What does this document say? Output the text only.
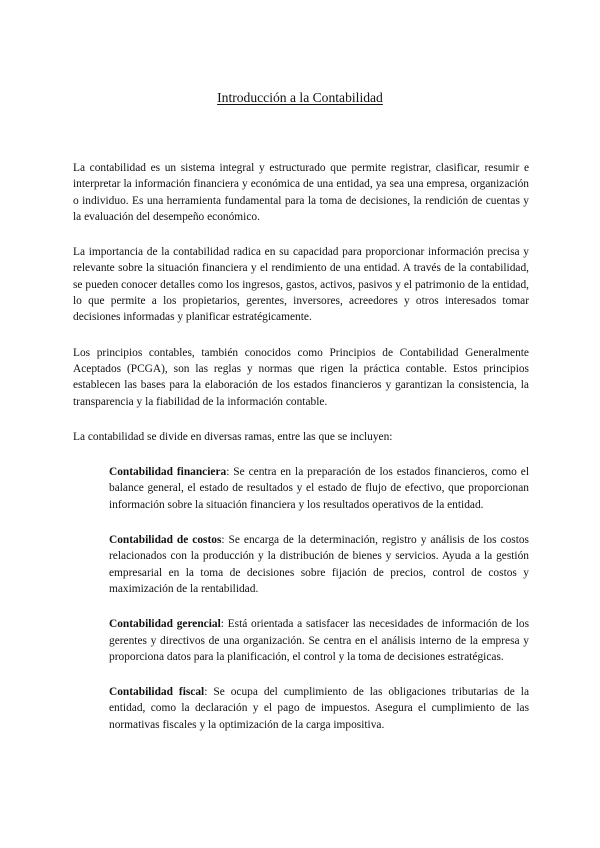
Introducción a la Contabilidad

La contabilidad es un sistema integral y estructurado que permite registrar, clasificar, resumir e interpretar la información financiera y económica de una entidad, ya sea una empresa, organización o individuo. Es una herramienta fundamental para la toma de decisiones, la rendición de cuentas y la evaluación del desempeño económico.

La importancia de la contabilidad radica en su capacidad para proporcionar información precisa y relevante sobre la situación financiera y el rendimiento de una entidad. A través de la contabilidad, se pueden conocer detalles como los ingresos, gastos, activos, pasivos y el patrimonio de la entidad, lo que permite a los propietarios, gerentes, inversores, acreedores y otros interesados tomar decisiones informadas y planificar estratégicamente.

Los principios contables, también conocidos como Principios de Contabilidad Generalmente Aceptados (PCGA), son las reglas y normas que rigen la práctica contable. Estos principios establecen las bases para la elaboración de los estados financieros y garantizan la consistencia, la transparencia y la fiabilidad de la información contable.

La contabilidad se divide en diversas ramas, entre las que se incluyen:

Contabilidad financiera: Se centra en la preparación de los estados financieros, como el balance general, el estado de resultados y el estado de flujo de efectivo, que proporcionan información sobre la situación financiera y los resultados operativos de la entidad.

Contabilidad de costos: Se encarga de la determinación, registro y análisis de los costos relacionados con la producción y la distribución de bienes y servicios. Ayuda a la gestión empresarial en la toma de decisiones sobre fijación de precios, control de costos y maximización de la rentabilidad.

Contabilidad gerencial: Está orientada a satisfacer las necesidades de información de los gerentes y directivos de una organización. Se centra en el análisis interno de la empresa y proporciona datos para la planificación, el control y la toma de decisiones estratégicas.

Contabilidad fiscal: Se ocupa del cumplimiento de las obligaciones tributarias de la entidad, como la declaración y el pago de impuestos. Asegura el cumplimiento de las normativas fiscales y la optimización de la carga impositiva.
